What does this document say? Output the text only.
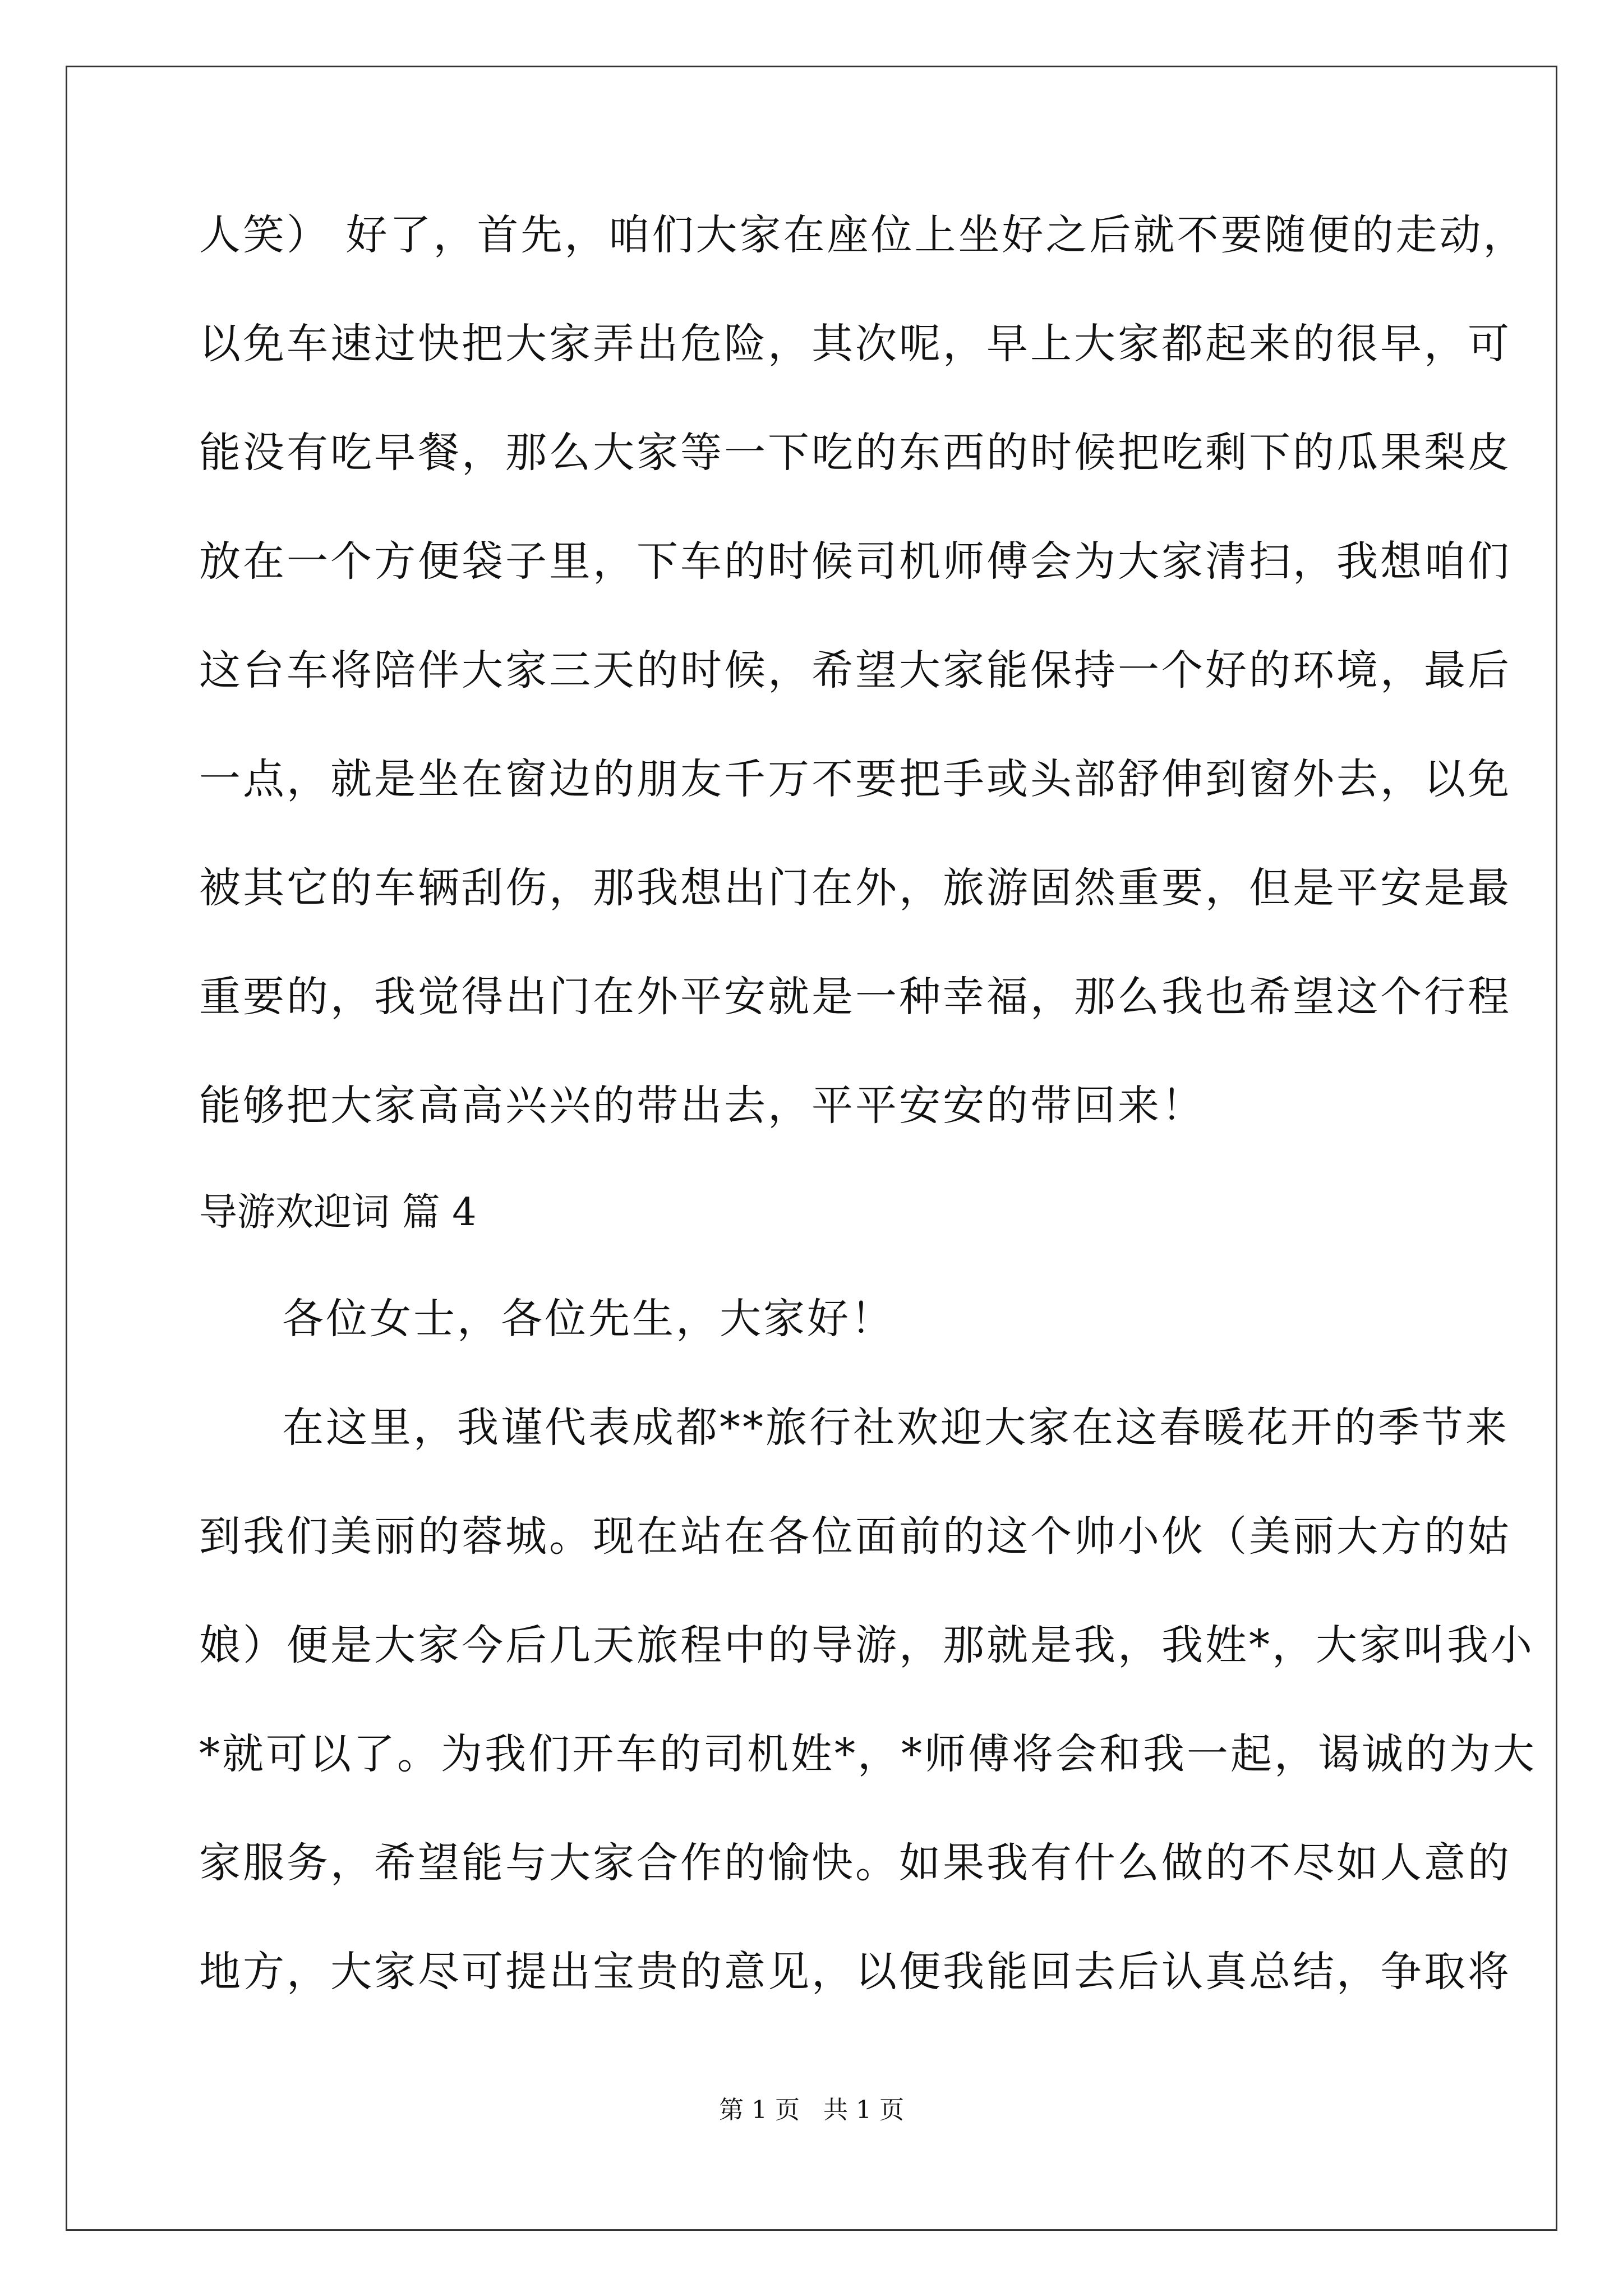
人笑） 好了，首先，咱们大家在座位上坐好之后就不要随便的走动，
以免车速过快把大家弄出危险，其次呢，早上大家都起来的很早，可
能没有吃早餐，那么大家等一下吃的东西的时候把吃剩下的瓜果梨皮
放在一个方便袋子里，下车的时候司机师傅会为大家清扫，我想咱们
这台车将陪伴大家三天的时候，希望大家能保持一个好的环境，最后
一点，就是坐在窗边的朋友千万不要把手或头部舒伸到窗外去，以免
被其它的车辆刮伤，那我想出门在外，旅游固然重要，但是平安是最
重要的，我觉得出门在外平安就是一种幸福，那么我也希望这个行程
能够把大家高高兴兴的带出去，平平安安的带回来！
导游欢迎词 篇 4
各位女士，各位先生，大家好！
在这里，我谨代表成都**旅行社欢迎大家在这春暖花开的季节来
到我们美丽的蓉城。现在站在各位面前的这个帅小伙（美丽大方的姑
娘）便是大家今后几天旅程中的导游，那就是我，我姓*，大家叫我小
*就可以了。为我们开车的司机姓*，*师傅将会和我一起，谒诚的为大
家服务，希望能与大家合作的愉快。如果我有什么做的不尽如人意的
地方，大家尽可提出宝贵的意见，以便我能回去后认真总结，争取将
第 1 页   共 1 页
